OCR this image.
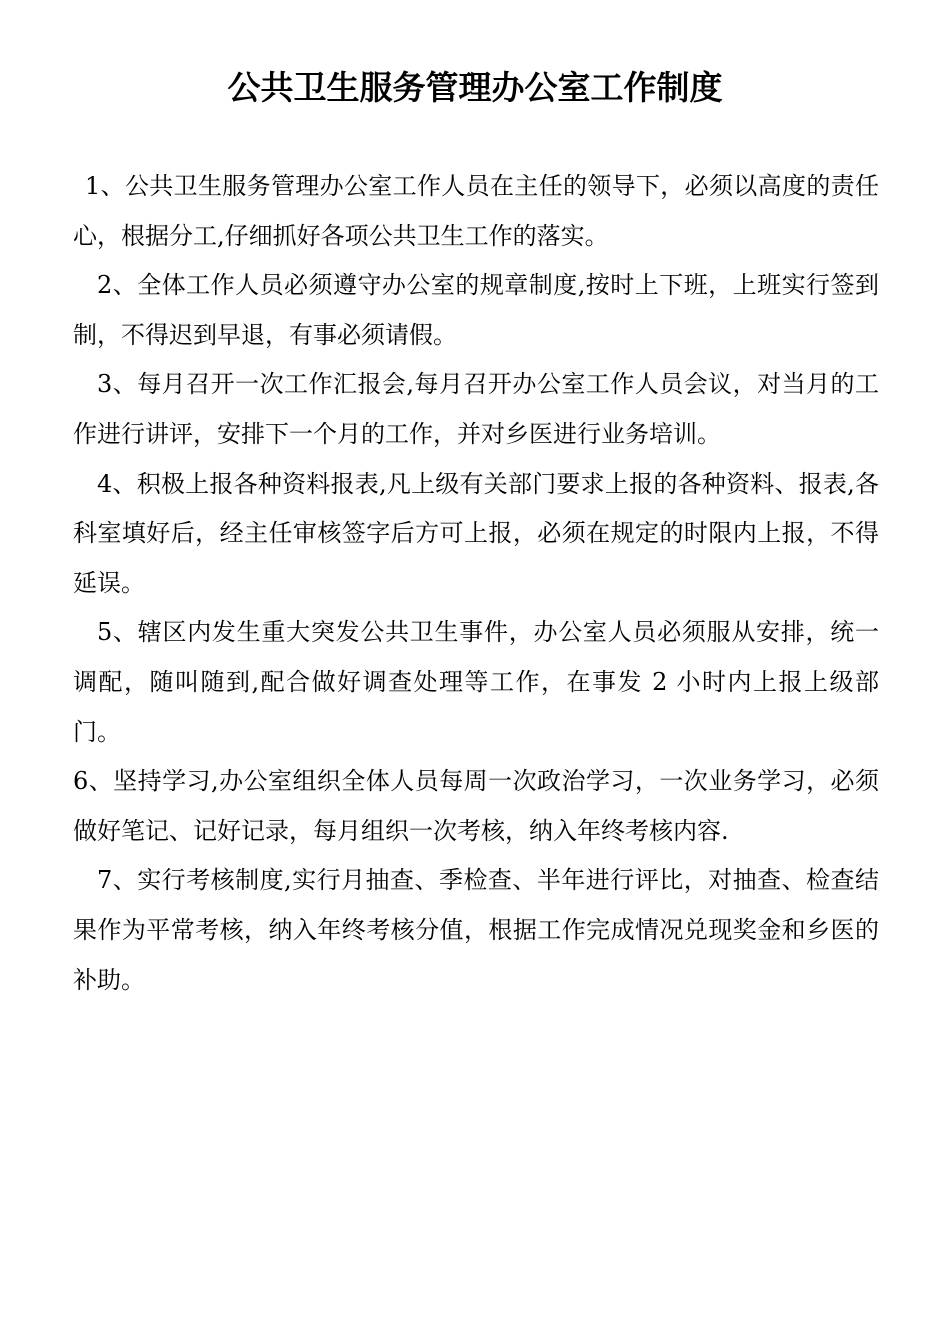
公共卫生服务管理办公室工作制度

1、公共卫生服务管理办公室工作人员在主任的领导下，必须以高度的责任心，根据分工,仔细抓好各项公共卫生工作的落实。

2、全体工作人员必须遵守办公室的规章制度,按时上下班，上班实行签到制，不得迟到早退，有事必须请假。

3、每月召开一次工作汇报会,每月召开办公室工作人员会议，对当月的工作进行讲评，安排下一个月的工作，并对乡医进行业务培训。

4、积极上报各种资料报表,凡上级有关部门要求上报的各种资料、报表,各科室填好后，经主任审核签字后方可上报，必须在规定的时限内上报，不得延误。

5、辖区内发生重大突发公共卫生事件，办公室人员必须服从安排，统一调配，随叫随到,配合做好调查处理等工作，在事发 2 小时内上报上级部门。

6、坚持学习,办公室组织全体人员每周一次政治学习，一次业务学习，必须做好笔记、记好记录，每月组织一次考核，纳入年终考核内容.

7、实行考核制度,实行月抽查、季检查、半年进行评比，对抽查、检查结果作为平常考核，纳入年终考核分值，根据工作完成情况兑现奖金和乡医的补助。
